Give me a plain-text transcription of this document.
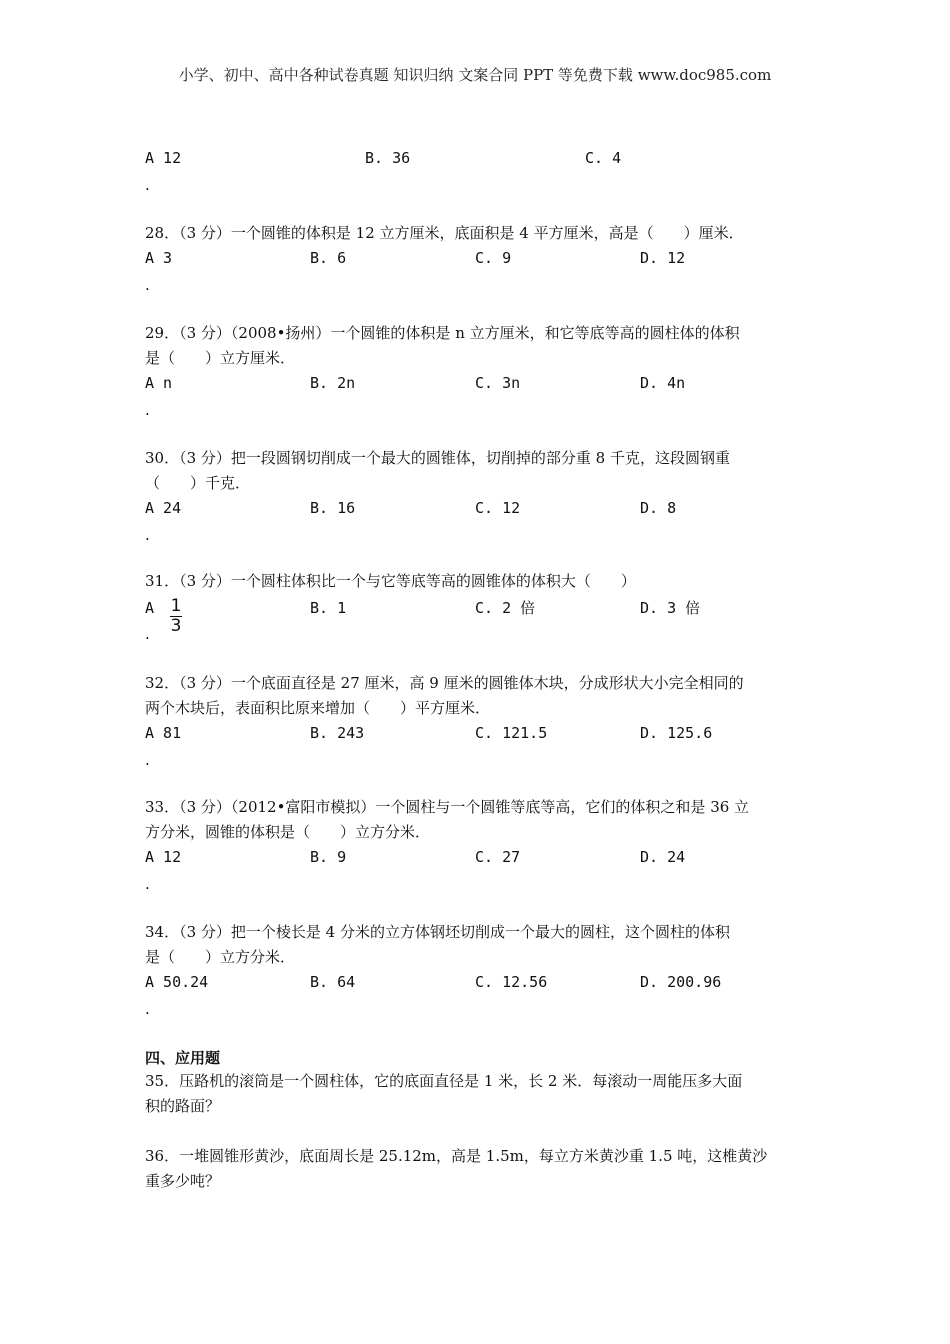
小学、初中、高中各种试卷真题 知识归纳 文案合同 PPT 等免费下载 www.doc985.com
A 12	B. 36	C. 4
.
28．（3 分）一个圆锥的体积是 12 立方厘米，底面积是 4 平方厘米，高是（　　）厘米．
A 3	B. 6	C. 9	D. 12
.
29．（3 分）（2008•扬州）一个圆锥的体积是 n 立方厘米，和它等底等高的圆柱体的体积
是（　　）立方厘米．
A n	B. 2n	C. 3n	D. 4n
.
30．（3 分）把一段圆钢切削成一个最大的圆锥体，切削掉的部分重 8 千克，这段圆钢重
（　　）千克．
A 24	B. 16	C. 12	D. 8
.
31．（3 分）一个圆柱体积比一个与它等底等高的圆锥体的体积大（　　）
A 1
3
B. 1	C. 2 倍	D. 3 倍
.
32．（3 分）一个底面直径是 27 厘米，高 9 厘米的圆锥体木块，分成形状大小完全相同的
两个木块后，表面积比原来增加（　　）平方厘米．
A 81	B. 243	C. 121.5	D. 125.6
.
33．（3 分）（2012•富阳市模拟）一个圆柱与一个圆锥等底等高，它们的体积之和是 36 立
方分米，圆锥的体积是（　　）立方分米．
A 12	B. 9	C. 27	D. 24
.
34．（3 分）把一个棱长是 4 分米的立方体钢坯切削成一个最大的圆柱，这个圆柱的体积
是（　　）立方分米．
A 50.24	B. 64	C. 12.56	D. 200.96
.
四、应用题
35．压路机的滚筒是一个圆柱体，它的底面直径是 1 米，长 2 米．每滚动一周能压多大面
积的路面？
36．一堆圆锥形黄沙，底面周长是 25.12m，高是 1.5m，每立方米黄沙重 1.5 吨，这椎黄沙
重多少吨？
